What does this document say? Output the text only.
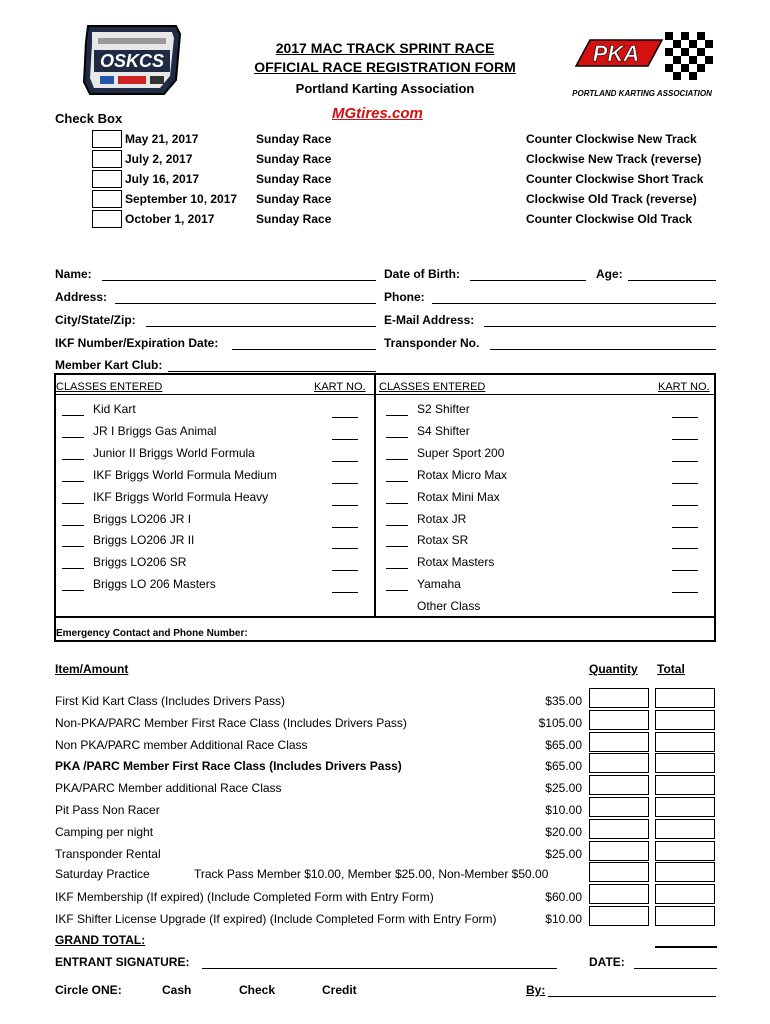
OSKCS	PKA
PORTLAND KARTING ASSOCIATION
2017 MAC TRACK SPRINT RACE
OFFICIAL RACE REGISTRATION FORM
Portland Karting Association
MGtires.com
Check Box
May 21, 2017	Sunday Race	Counter Clockwise New Track
July 2, 2017	Sunday Race	Clockwise New Track (reverse)
July 16, 2017	Sunday Race	Counter Clockwise Short Track
September 10, 2017 Sunday Race	Clockwise Old Track (reverse)
October 1, 2017	Sunday Race	Counter Clockwise Old Track
Name:	Date of Birth:	Age:
Address:	Phone:
City/State/Zip:	E-Mail Address:
IKF Number/Expiration Date:	Transponder No.
Member Kart Club:
CLASSES ENTERED	KART NO. CLASSES ENTERED	KART NO.
Kid Kart
JR I Briggs Gas Animal
Junior II Briggs World Formula
IKF Briggs World Formula Medium
IKF Briggs World Formula Heavy
Briggs LO206 JR I
Briggs LO206 JR II
Briggs LO206 SR
Briggs LO 206 Masters
S2 Shifter
S4 Shifter
Super Sport 200
Rotax Micro Max
Rotax Mini Max
Rotax JR
Rotax SR
Rotax Masters
Yamaha
Other Class
Emergency Contact and Phone Number:
Item/Amount	Quantity Total
First Kid Kart Class (Includes Drivers Pass)	$35.00
Non-PKA/PARC Member First Race Class (Includes Drivers Pass)	$105.00
Non PKA/PARC member Additional Race Class	$65.00
PKA /PARC Member First Race Class (Includes Drivers Pass)	$65.00
PKA/PARC Member additional Race Class	$25.00
Pit Pass Non Racer	$10.00
Camping per night	$20.00
Transponder Rental	$25.00
Saturday Practice	Track Pass Member $10.00, Member $25.00, Non-Member $50.00
IKF Membership (If expired) (Include Completed Form with Entry Form)	$60.00
IKF Shifter License Upgrade (If expired) (Include Completed Form with Entry Form)	$10.00
GRAND TOTAL:
ENTRANT SIGNATURE:	DATE:
Circle ONE:	Cash	Check	Credit	By:
